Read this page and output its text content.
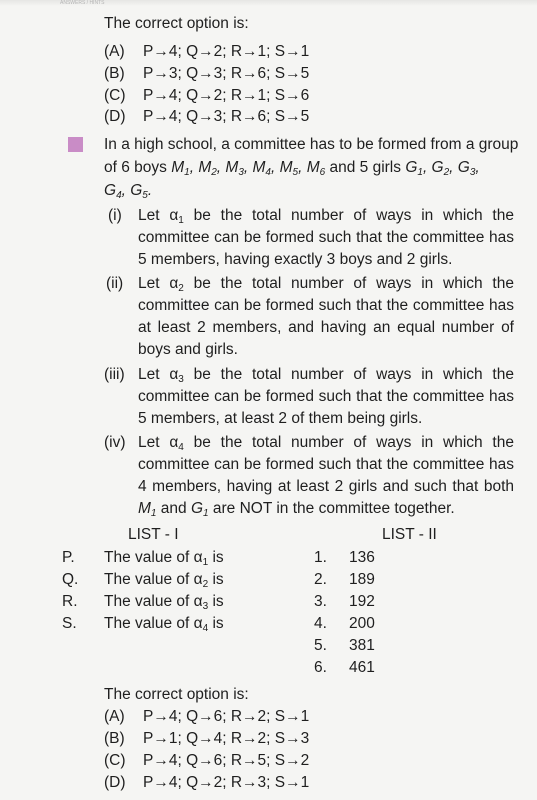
ANSWERS / HINTS
The correct option is:
(A) P→4; Q→2; R→1; S→1
(B) P→3; Q→3; R→6; S→5
(C) P→4; Q→2; R→1; S→6
(D) P→4; Q→3; R→6; S→5
In a high school, a committee has to be formed from a group
of 6 boys $M_1$, $M_2$, $M_3$, $M_4$, $M_5$, $M_6$ and 5 girls $G_1$, $G_2$, $G_3$,
$G_4$, $G_5$.
(i) Let $\alpha_1$ be the total number of ways in which the
committee can be formed such that the committee has
5 members, having exactly 3 boys and 2 girls.
(ii) Let $\alpha_2$ be the total number of ways in which the
committee can be formed such that the committee has
at least 2 members, and having an equal number of
boys and girls.
(iii) Let $\alpha_3$ be the total number of ways in which the
committee can be formed such that the committee has
5 members, at least 2 of them being girls.
(iv) Let $\alpha_4$ be the total number of ways in which the
committee can be formed such that the committee has
4 members, having at least 2 girls and such that both
$M_1$ and $G_1$ are NOT in the committee together.
LIST - I	LIST - II
P. The value of $\alpha_1$ is
Q. The value of $\alpha_2$ is
R. The value of $\alpha_3$ is
S. The value of $\alpha_4$ is
1. 136
2. 189
3. 192
4. 200
5. 381
6. 461
The correct option is:
(A) P→4; Q→6; R→2; S→1
(B) P→1; Q→4; R→2; S→3
(C) P→4; Q→6; R→5; S→2
(D) P→4; Q→2; R→3; S→1
